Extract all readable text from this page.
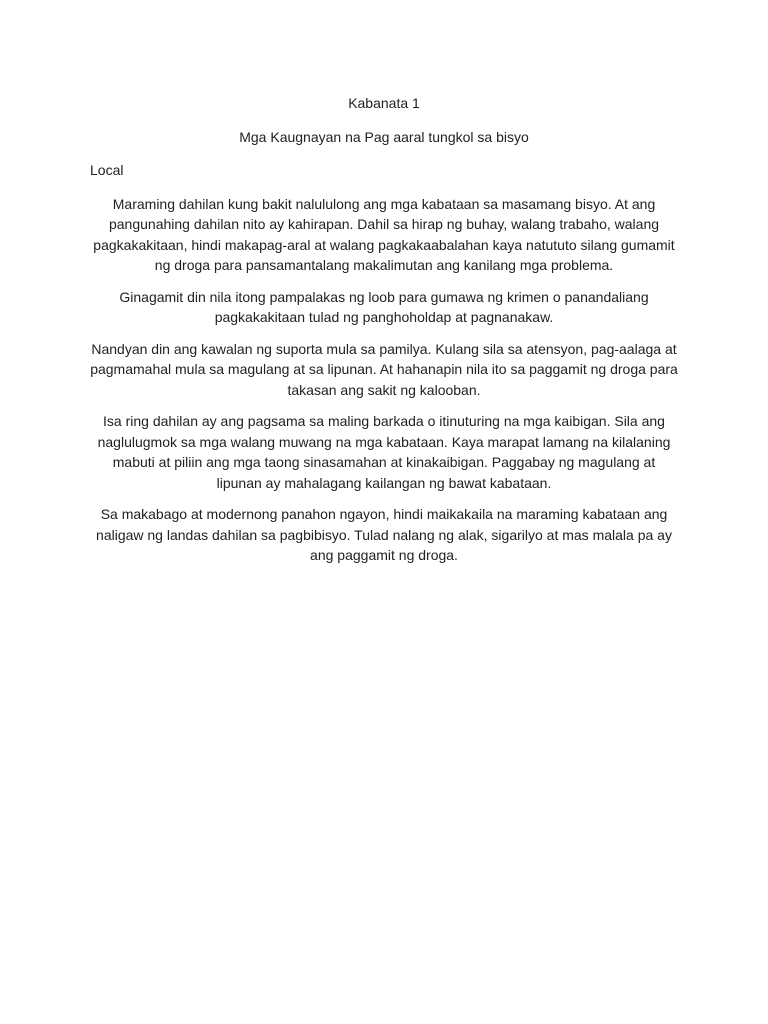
Kabanata 1

Mga Kaugnayan na Pag aaral tungkol sa bisyo

Local

Maraming dahilan kung bakit nalululong ang mga kabataan sa masamang bisyo. At ang pangunahing dahilan nito ay kahirapan. Dahil sa hirap ng buhay, walang trabaho, walang pagkakakitaan, hindi makapag-aral at walang pagkakaabalahan kaya natututo silang gumamit ng droga para pansamantalang makalimutan ang kanilang mga problema.

Ginagamit din nila itong pampalakas ng loob para gumawa ng krimen o panandaliang pagkakakitaan tulad ng panghoholdap at pagnanakaw.

Nandyan din ang kawalan ng suporta mula sa pamilya. Kulang sila sa atensyon, pag-aalaga at pagmamahal mula sa magulang at sa lipunan. At hahanapin nila ito sa paggamit ng droga para takasan ang sakit ng kalooban.

Isa ring dahilan ay ang pagsama sa maling barkada o itinuturing na mga kaibigan. Sila ang naglulugmok sa mga walang muwang na mga kabataan. Kaya marapat lamang na kilalaning mabuti at piliin ang mga taong sinasamahan at kinakaibigan. Paggabay ng magulang at lipunan ay mahalagang kailangan ng bawat kabataan.

Sa makabago at modernong panahon ngayon, hindi maikakaila na maraming kabataan ang naligaw ng landas dahilan sa pagbibisyo. Tulad nalang ng alak, sigarilyo at mas malala pa ay ang paggamit ng droga.
